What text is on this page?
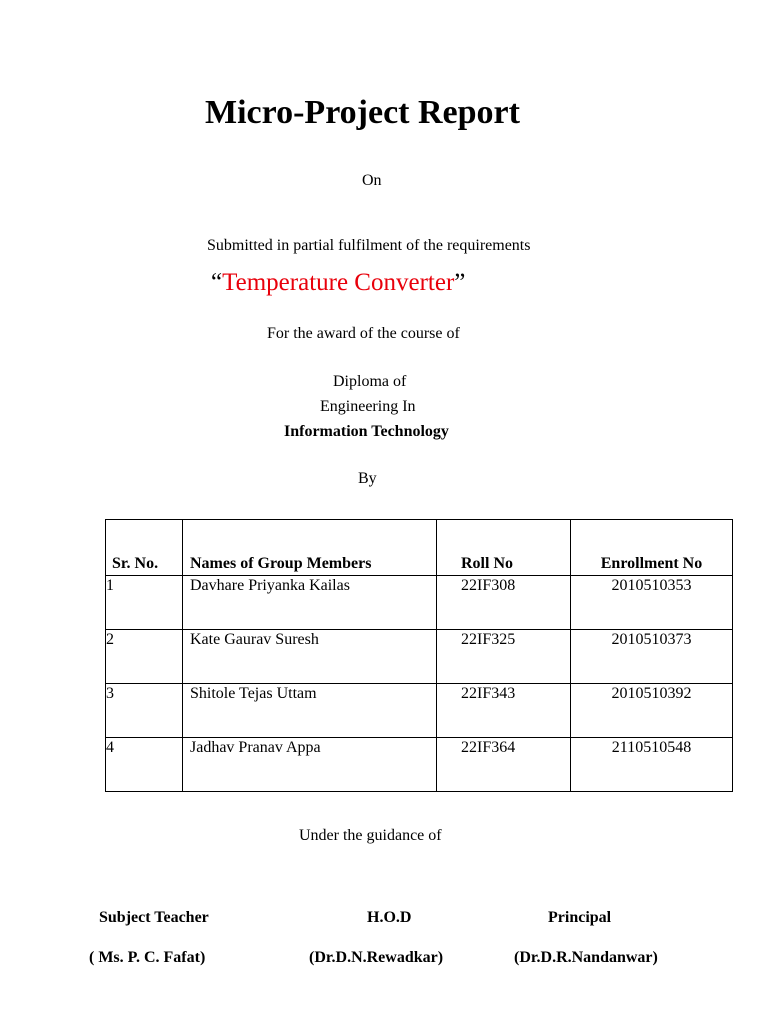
Micro-Project Report
On
Submitted in partial fulfilment of the requirements
“Temperature Converter”
For the award of the course of
Diploma of
Engineering In
Information Technology
By
Sr. No.	Names of Group Members	Roll No	Enrollment No
1	Davhare Priyanka Kailas	22IF308	2010510353
2	Kate Gaurav Suresh	22IF325	2010510373
3	Shitole Tejas Uttam	22IF343	2010510392
4	Jadhav Pranav Appa	22IF364	2110510548
Under the guidance of
Subject Teacher	H.O.D	Principal
( Ms. P. C. Fafat)	(Dr.D.N.Rewadkar)	(Dr.D.R.Nandanwar)
